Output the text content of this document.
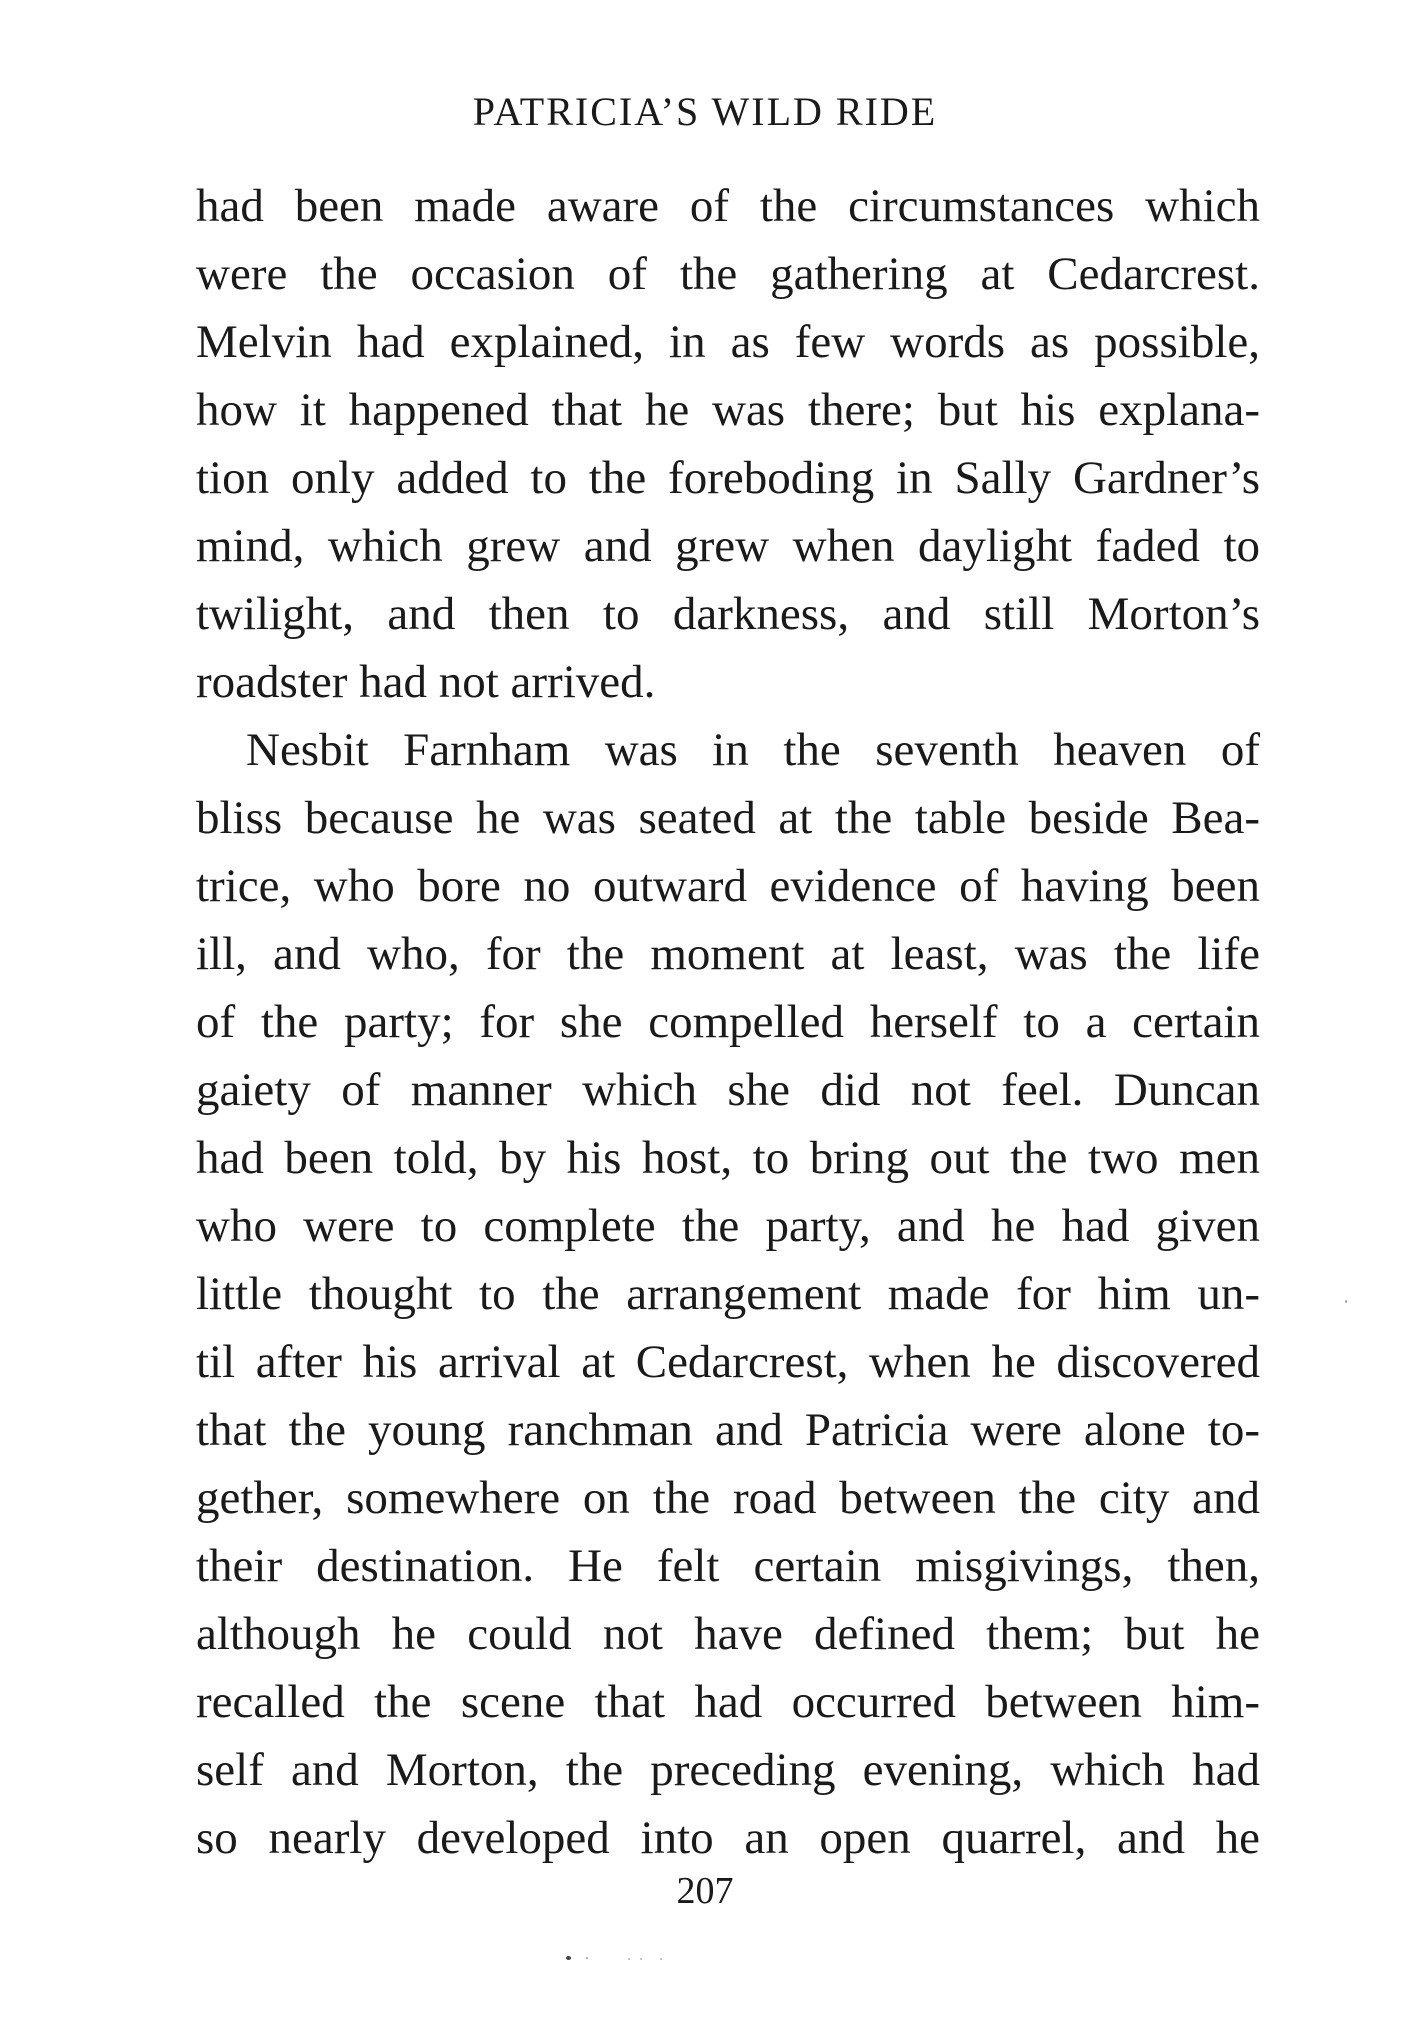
PATRICIA’S WILD RIDE
had been made aware of the circumstances which
were the occasion of the gathering at Cedarcrest.
Melvin had explained, in as few words as possible,
how it happened that he was there; but his explana-
tion only added to the foreboding in Sally Gardner’s
mind, which grew and grew when daylight faded to
twilight, and then to darkness, and still Morton’s
roadster had not arrived.
Nesbit Farnham was in the seventh heaven of
bliss because he was seated at the table beside Bea-
trice, who bore no outward evidence of having been
ill, and who, for the moment at least, was the life
of the party; for she compelled herself to a certain
gaiety of manner which she did not feel. Duncan
had been told, by his host, to bring out the two men
who were to complete the party, and he had given
little thought to the arrangement made for him un-
til after his arrival at Cedarcrest, when he discovered
that the young ranchman and Patricia were alone to-
gether, somewhere on the road between the city and
their destination. He felt certain misgivings, then,
although he could not have defined them; but he
recalled the scene that had occurred between him-
self and Morton, the preceding evening, which had
so nearly developed into an open quarrel, and he
207
